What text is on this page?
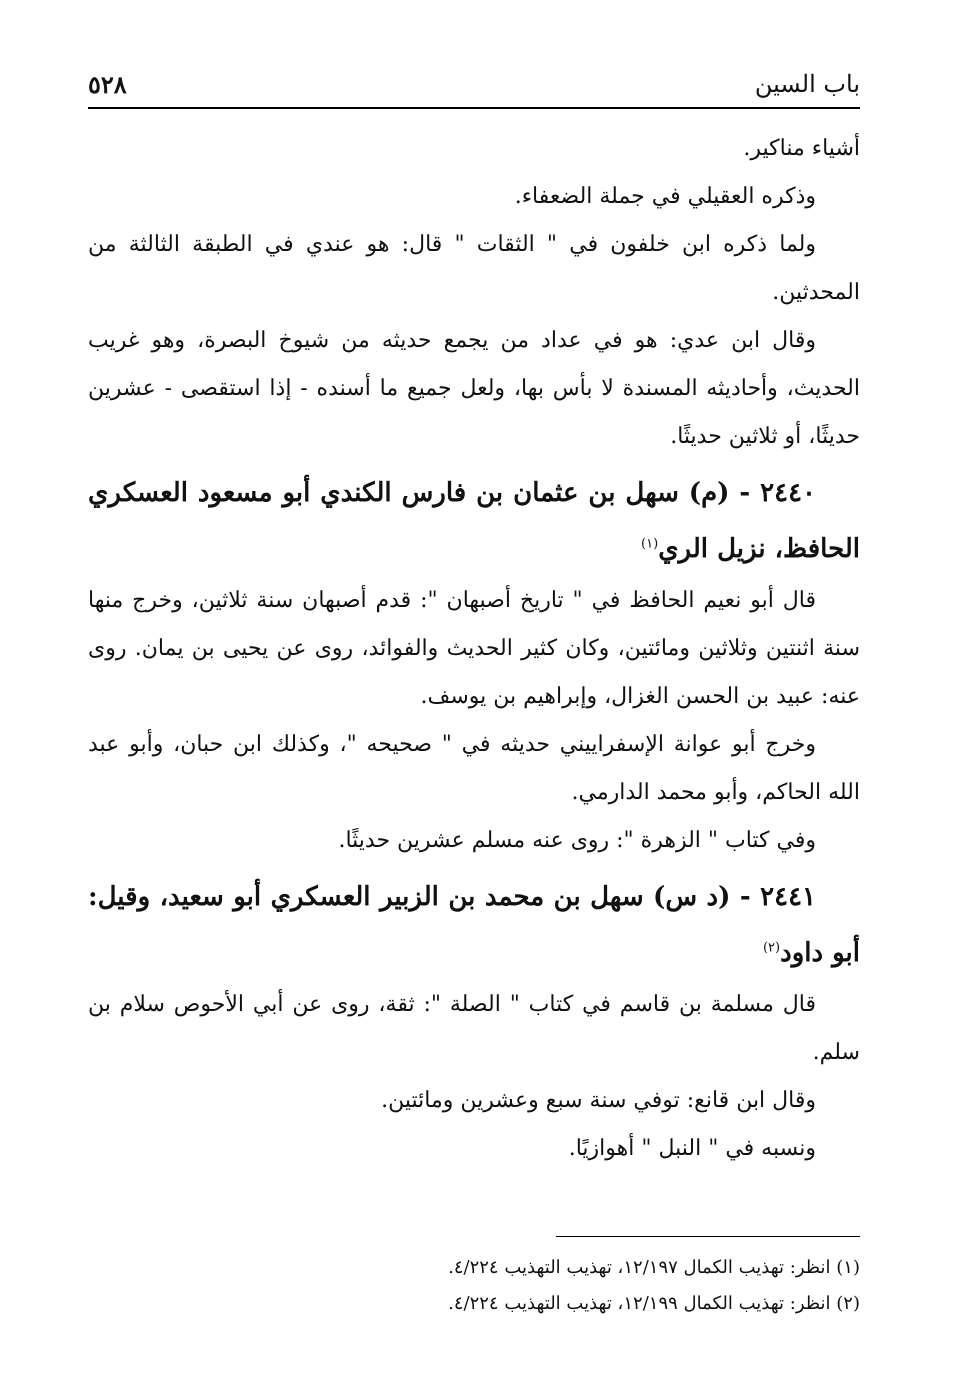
٥٢٨	باب السين

أشياء مناكير.

وذكره العقيلي في جملة الضعفاء.

ولما ذكره ابن خلفون في " الثقات " قال: هو عندي في الطبقة الثالثة من المحدثين.

وقال ابن عدي: هو في عداد من يجمع حديثه من شيوخ البصرة، وهو غريب الحديث، وأحاديثه المسندة لا بأس بها، ولعل جميع ما أسنده - إذا استقصى - عشرين حديثًا، أو ثلاثين حديثًا.

٢٤٤٠ - (م) سهل بن عثمان بن فارس الكندي أبو مسعود العسكري الحافظ، نزيل الري$^{(١)}$

قال أبو نعيم الحافظ في " تاريخ أصبهان ": قدم أصبهان سنة ثلاثين، وخرج منها سنة اثنتين وثلاثين ومائتين، وكان كثير الحديث والفوائد، روى عن يحيى بن يمان. روى عنه: عبيد بن الحسن الغزال، وإبراهيم بن يوسف.

وخرج أبو عوانة الإسفراييني حديثه في " صحيحه "، وكذلك ابن حبان، وأبو عبد الله الحاكم، وأبو محمد الدارمي.

وفي كتاب " الزهرة ": روى عنه مسلم عشرين حديثًا.

٢٤٤١ - (د س) سهل بن محمد بن الزبير العسكري أبو سعيد، وقيل: أبو داود$^{(٢)}$

قال مسلمة بن قاسم في كتاب " الصلة ": ثقة، روى عن أبي الأحوص سلام بن سلم.

وقال ابن قانع: توفي سنة سبع وعشرين ومائتين.

ونسبه في " النبل " أهوازيًا.

(١) انظر: تهذيب الكمال ١٢/١٩٧، تهذيب التهذيب ٤/٢٢٤.

(٢) انظر: تهذيب الكمال ١٢/١٩٩، تهذيب التهذيب ٤/٢٢٤.
